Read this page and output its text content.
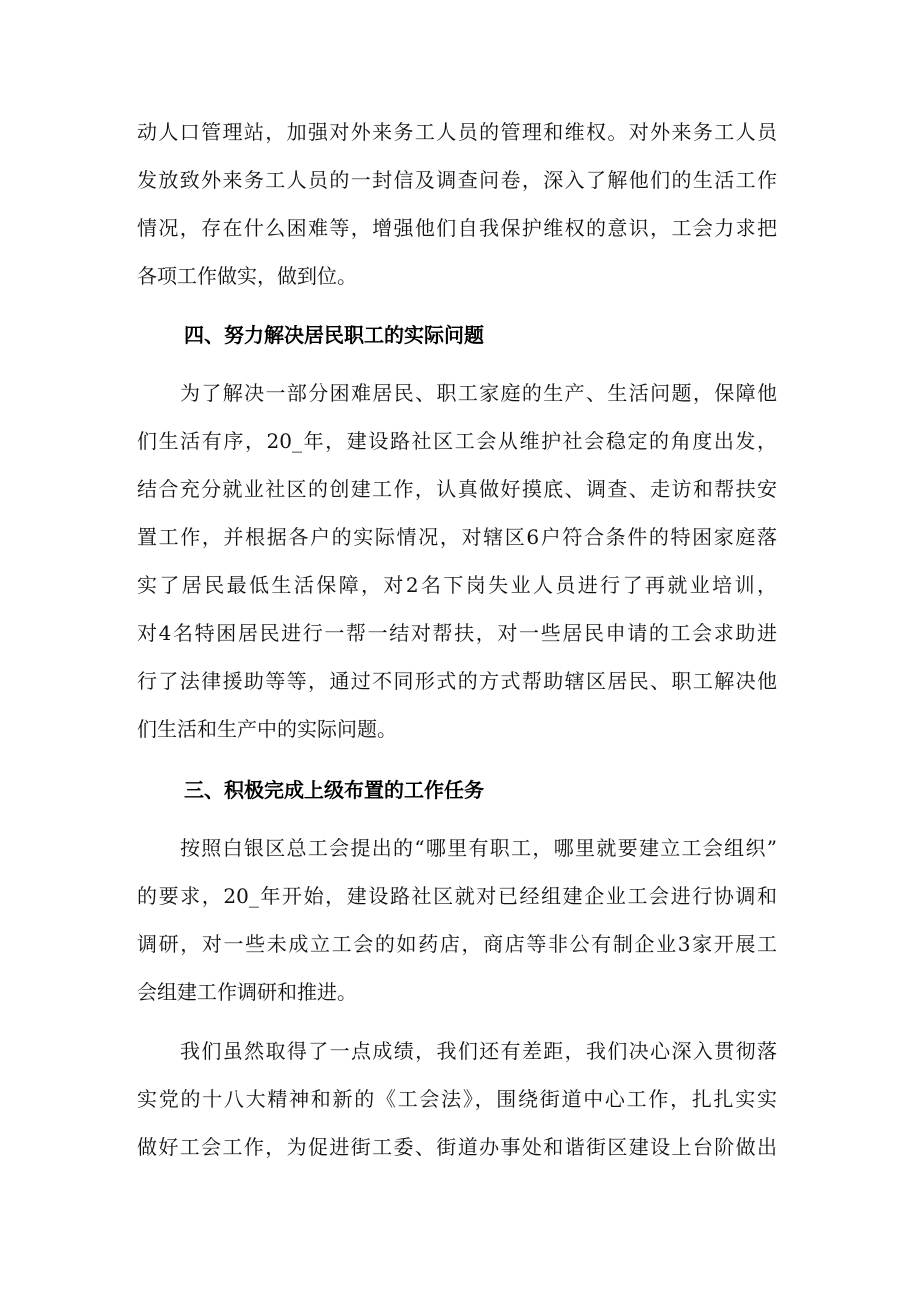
动人口管理站，加强对外来务工人员的管理和维权。对外来务工人员
发放致外来务工人员的一封信及调查问卷，深入了解他们的生活工作
情况，存在什么困难等，增强他们自我保护维权的意识，工会力求把
各项工作做实，做到位。
四、努力解决居民职工的实际问题
为了解决一部分困难居民、职工家庭的生产、生活问题，保障他
们生活有序，20_年，建设路社区工会从维护社会稳定的角度出发，
结合充分就业社区的创建工作，认真做好摸底、调查、走访和帮扶安
置工作，并根据各户的实际情况，对辖区6户符合条件的特困家庭落
实了居民最低生活保障，对2名下岗失业人员进行了再就业培训，
对4名特困居民进行一帮一结对帮扶，对一些居民申请的工会求助进
行了法律援助等等，通过不同形式的方式帮助辖区居民、职工解决他
们生活和生产中的实际问题。
三、积极完成上级布置的工作任务
按照白银区总工会提出的“哪里有职工，哪里就要建立工会组织”
的要求，20_年开始，建设路社区就对已经组建企业工会进行协调和
调研，对一些未成立工会的如药店，商店等非公有制企业3家开展工
会组建工作调研和推进。
我们虽然取得了一点成绩，我们还有差距，我们决心深入贯彻落
实党的十八大精神和新的《工会法》，围绕街道中心工作，扎扎实实
做好工会工作，为促进街工委、街道办事处和谐街区建设上台阶做出
